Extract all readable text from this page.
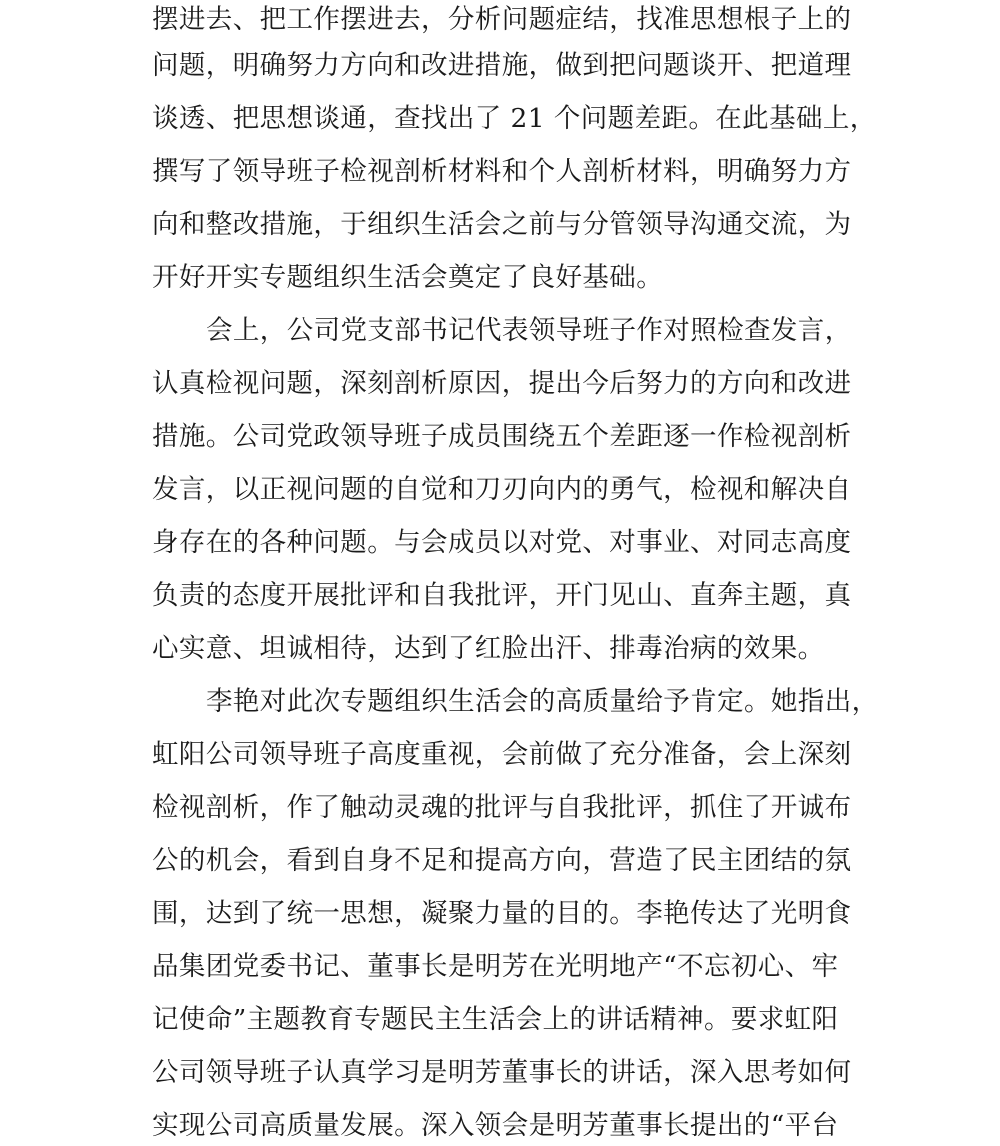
摆进去、把工作摆进去，分析问题症结，找准思想根子上的

问题，明确努力方向和改进措施，做到把问题谈开、把道理

谈透、把思想谈通，查找出了 21 个问题差距。在此基础上，

撰写了领导班子检视剖析材料和个人剖析材料，明确努力方

向和整改措施，于组织生活会之前与分管领导沟通交流，为

开好开实专题组织生活会奠定了良好基础。

会上，公司党支部书记代表领导班子作对照检查发言，

认真检视问题，深刻剖析原因，提出今后努力的方向和改进

措施。公司党政领导班子成员围绕五个差距逐一作检视剖析

发言，以正视问题的自觉和刀刃向内的勇气，检视和解决自

身存在的各种问题。与会成员以对党、对事业、对同志高度

负责的态度开展批评和自我批评，开门见山、直奔主题，真

心实意、坦诚相待，达到了红脸出汗、排毒治病的效果。

李艳对此次专题组织生活会的高质量给予肯定。她指出，

虹阳公司领导班子高度重视，会前做了充分准备，会上深刻

检视剖析，作了触动灵魂的批评与自我批评，抓住了开诚布

公的机会，看到自身不足和提高方向，营造了民主团结的氛

围，达到了统一思想，凝聚力量的目的。李艳传达了光明食

品集团党委书记、董事长是明芳在光明地产“不忘初心、牢

记使命”主题教育专题民主生活会上的讲话精神。要求虹阳

公司领导班子认真学习是明芳董事长的讲话，深入思考如何

实现公司高质量发展。深入领会是明芳董事长提出的“平台
